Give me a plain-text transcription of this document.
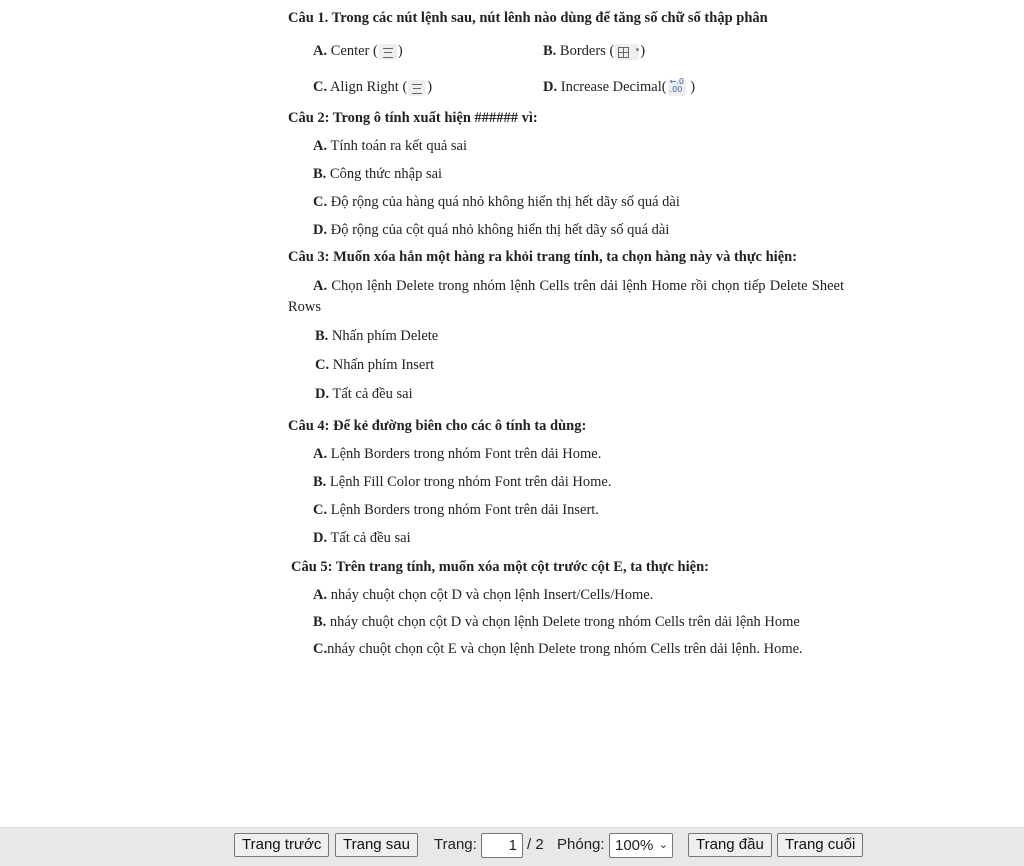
Câu 1. Trong các nút lệnh sau, nút lênh nào dùng để tăng số chữ số thập phân

A. Center ( )	B. Borders (	▾ )
C. Align Right ( )	D. Increase Decimal( ←.0 .00 )

Câu 2: Trong ô tính xuất hiện ###### vì:

A. Tính toán ra kết quả sai

B. Công thức nhập sai

C. Độ rộng của hàng quá nhỏ không hiển thị hết dãy số quá dài

D. Độ rộng của cột quá nhỏ không hiển thị hết dãy số quá dài

Câu 3: Muốn xóa hẳn một hàng ra khỏi trang tính, ta chọn hàng này và thực hiện:

A. Chọn lệnh Delete trong nhóm lệnh Cells trên dải lệnh Home rồi chọn tiếp Delete Sheet Rows

B. Nhấn phím Delete

C. Nhấn phím Insert

D. Tất cả đều sai

Câu 4: Để kẻ đường biên cho các ô tính ta dùng:

A. Lệnh Borders trong nhóm Font trên dải Home.

B. Lệnh Fill Color trong nhóm Font trên dải Home.

C. Lệnh Borders trong nhóm Font trên dải Insert.

D. Tất cả đều sai

Câu 5: Trên trang tính, muốn xóa một cột trước cột E, ta thực hiện:

A. nháy chuột chọn cột D và chọn lệnh Insert/Cells/Home.

B. nháy chuột chọn cột D và chọn lệnh Delete trong nhóm Cells trên dải lệnh Home

C.nháy chuột chọn cột E và chọn lệnh Delete trong nhóm Cells trên dải lệnh. Home.

Trang trước	Trang sau	Trang:	1 / 2 Phóng: 100% ⌄	Trang đầu	Trang cuối
